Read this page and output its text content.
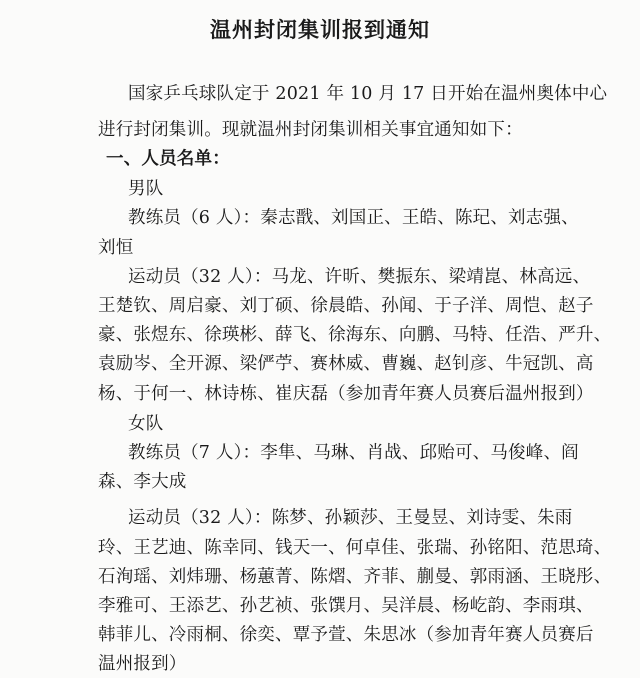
温州封闭集训报到通知
国家乒乓球队定于 2021 年 10 月 17 日开始在温州奥体中心
进行封闭集训。现就温州封闭集训相关事宜通知如下：
一、人员名单：
男队
教练员（6 人）：秦志戬、刘国正、王皓、陈玘、刘志强、
刘恒
运动员（32 人）：马龙、许昕、樊振东、梁靖崑、林高远、
王楚钦、周启豪、刘丁硕、徐晨皓、孙闻、于子洋、周恺、赵子
豪、张煜东、徐瑛彬、薛飞、徐海东、向鹏、马特、任浩、严升、
袁励岑、全开源、梁俨苧、赛林威、曹巍、赵钊彦、牛冠凯、高
杨、于何一、林诗栋、崔庆磊（参加青年赛人员赛后温州报到）
女队
教练员（7 人）：李隼、马琳、肖战、邱贻可、马俊峰、阎
森、李大成
运动员（32 人）：陈梦、孙颖莎、王曼昱、刘诗雯、朱雨
玲、王艺迪、陈幸同、钱天一、何卓佳、张瑞、孙铭阳、范思琦、
石洵瑶、刘炜珊、杨蕙菁、陈熠、齐菲、蒯曼、郭雨涵、王晓彤、
李雅可、王添艺、孙艺祯、张馔月、吴洋晨、杨屹韵、李雨琪、
韩菲儿、冷雨桐、徐奕、覃予萱、朱思冰（参加青年赛人员赛后
温州报到）
